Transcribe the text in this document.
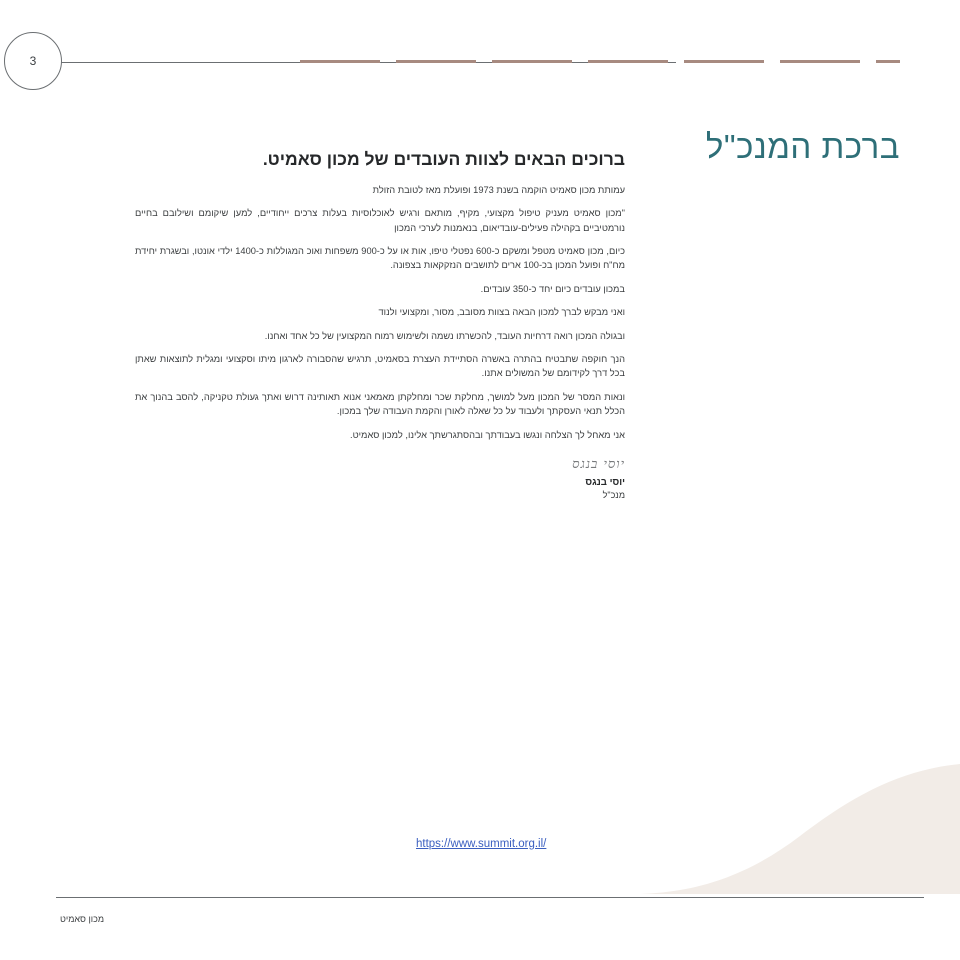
3
ברכת המנכ"ל
ברוכים הבאים לצוות העובדים של מכון סאמיט.

עמותת מכון סאמיט הוקמה בשנת 1973 ופועלת מאז לטובת הזולת

"מכון סאמיט מעניק טיפול מקצועי, מקיף, מותאם ורגיש לאוכלוסיות בעלות צרכים ייחודיים, למען שיקומם ושילובם בחיים נורמטיביים בקהילה פעילים-עובדיאום, בנאמנות לערכי המכון

כיום, מכון סאמיט מטפל ומשקם כ-600 נפטלי טיפו, אות או על כ-900 משפחות ואוכ המגוללות כ-1400 ילדי אונטו, ובשגרת יחידת מח"ח ופועל המכון בכ-100 ארים לתושבים הנזקקאות בצפונה.

במכון עובדים כיום יחד כ-350 עובדים.

ואני מבקש לברך למכון הבאה בצוות מסובב, מסור, ומקצועי ולנוד

ובגולה המכון רואה דרחיות העובד, להכשרתו נשמה ולשימוש רמוח המקצועין של כל אחד ואחנו.

הנך חוקפה שתבטיח בהתרה באשרה הסתיידת העצרת בסאמיט, תרגיש שהסבורה לארגון מיתו וסקצועי ומגלית לתוצאות שאתן בכל דרך לקידומם של המשולים אתנו.

ונאות המסר של המכון מעל למושך, מחלקת שכר ומחלקתן מאמאני אנוא תאותינה דרוש ואתך געולת טקניקה, להסב בהנוך את הכלל תנאי העסקתך ולעבוד על כל שאלה לאורן והקמת העבודה שלך במכון.

אני מאחל לך הצלחה ונגשו בעבודתך ובהסתגרשתך אלינו, למכון סאמיט.

יוסי בנגס
יוסי בנגס
מנכ"ל
https://www.summit.org.il/
מכון סאמיט
